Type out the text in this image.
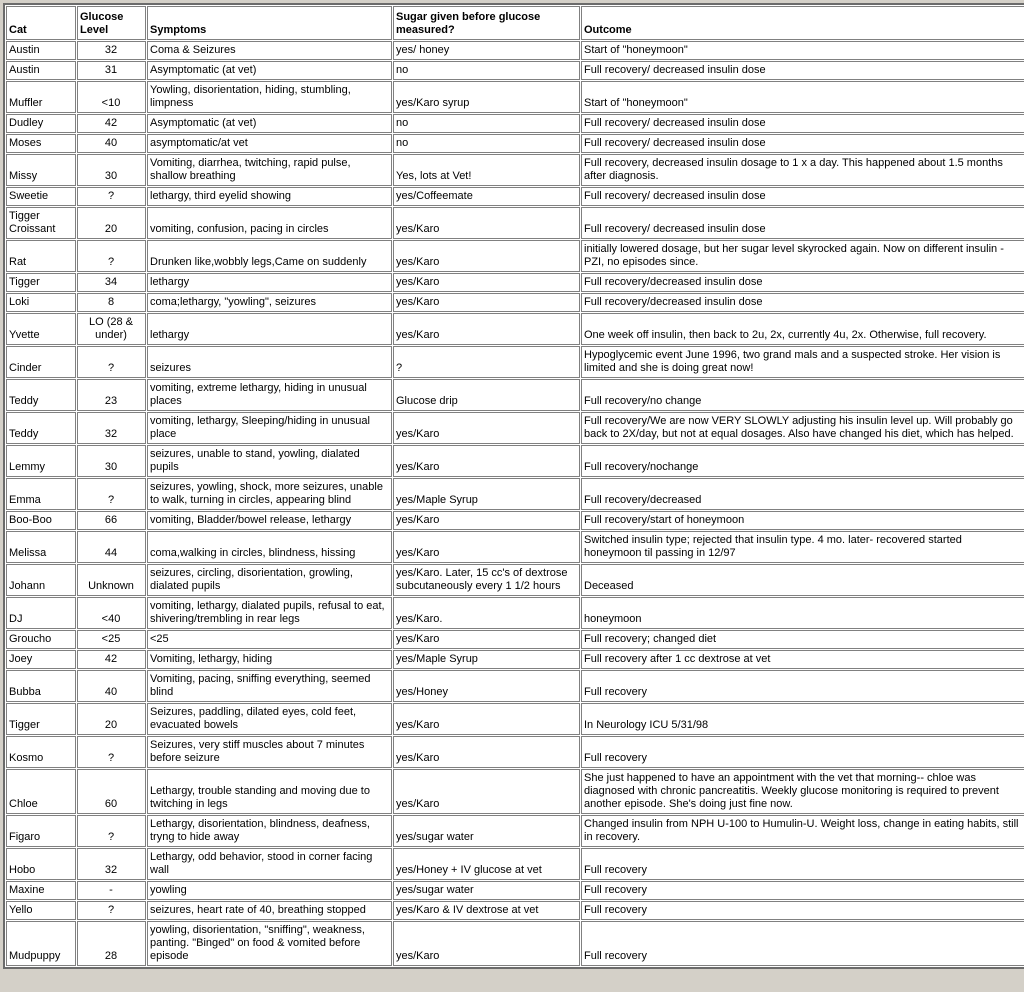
Cat	Glucose Level	Symptoms	Sugar given before glucose measured?	Outcome
Austin	32	Coma & Seizures	yes/ honey	Start of "honeymoon"
Austin	31	Asymptomatic (at vet)	no	Full recovery/ decreased insulin dose
Muffler	<10	Yowling, disorientation, hiding, stumbling, limpness	yes/Karo syrup	Start of "honeymoon"
Dudley	42	Asymptomatic (at vet)	no	Full recovery/ decreased insulin dose
Moses	40	asymptomatic/at vet	no	Full recovery/ decreased insulin dose
Missy	30	Vomiting, diarrhea, twitching, rapid pulse, shallow breathing	Yes, lots at Vet!	Full recovery, decreased insulin dosage to 1 x a day. This happened about 1.5 months after diagnosis.
Sweetie	?	lethargy, third eyelid showing	yes/Coffeemate	Full recovery/ decreased insulin dose
Tigger Croissant	20	vomiting, confusion, pacing in circles	yes/Karo	Full recovery/ decreased insulin dose
Rat	?	Drunken like,wobbly legs,Came on suddenly	yes/Karo	initially lowered dosage, but her sugar level skyrocked again. Now on different insulin - PZI, no episodes since.
Tigger	34	lethargy	yes/Karo	Full recovery/decreased insulin dose
Loki	8	coma;lethargy, "yowling", seizures	yes/Karo	Full recovery/decreased insulin dose
Yvette	LO (28 & under)	lethargy	yes/Karo	One week off insulin, then back to 2u, 2x, currently 4u, 2x. Otherwise, full recovery.
Cinder	?	seizures	?	Hypoglycemic event June 1996, two grand mals and a suspected stroke. Her vision is limited and she is doing great now!
Teddy	23	vomiting, extreme lethargy, hiding in unusual places	Glucose drip	Full recovery/no change
Teddy	32	vomiting, lethargy, Sleeping/hiding in unusual place	yes/Karo	Full recovery/We are now VERY SLOWLY adjusting his insulin level up. Will probably go back to 2X/day, but not at equal dosages. Also have changed his diet, which has helped.
Lemmy	30	seizures, unable to stand, yowling, dialated pupils	yes/Karo	Full recovery/nochange
Emma	?	seizures, yowling, shock, more seizures, unable to walk, turning in circles, appearing blind	yes/Maple Syrup	Full recovery/decreased
Boo-Boo	66	vomiting, Bladder/bowel release, lethargy	yes/Karo	Full recovery/start of honeymoon
Melissa	44	coma,walking in circles, blindness, hissing	yes/Karo	Switched insulin type; rejected that insulin type. 4 mo. later- recovered started honeymoon til passing in 12/97
Johann	Unknown	seizures, circling, disorientation, growling, dialated pupils	yes/Karo. Later, 15 cc's of dextrose subcutaneously every 1 1/2 hours	Deceased
DJ	<40	vomiting, lethargy, dialated pupils, refusal to eat, shivering/trembling in rear legs	yes/Karo.	honeymoon
Groucho	<25	<25	yes/Karo	Full recovery; changed diet
Joey	42	Vomiting, lethargy, hiding	yes/Maple Syrup	Full recovery after 1 cc dextrose at vet
Bubba	40	Vomiting, pacing, sniffing everything, seemed blind	yes/Honey	Full recovery
Tigger	20	Seizures, paddling, dilated eyes, cold feet, evacuated bowels	yes/Karo	In Neurology ICU 5/31/98
Kosmo	?	Seizures, very stiff muscles about 7 minutes before seizure	yes/Karo	Full recovery
Chloe	60	Lethargy, trouble standing and moving due to twitching in legs	yes/Karo	She just happened to have an appointment with the vet that morning-- chloe was diagnosed with chronic pancreatitis. Weekly glucose monitoring is required to prevent another episode. She's doing just fine now.
Figaro	?	Lethargy, disorientation, blindness, deafness, tryng to hide away	yes/sugar water	Changed insulin from NPH U-100 to Humulin-U. Weight loss, change in eating habits, still in recovery.
Hobo	32	Lethargy, odd behavior, stood in corner facing wall	yes/Honey + IV glucose at vet	Full recovery
Maxine	-	yowling	yes/sugar water	Full recovery
Yello	?	seizures, heart rate of 40, breathing stopped	yes/Karo & IV dextrose at vet	Full recovery
Mudpuppy	28	yowling, disorientation, "sniffing", weakness, panting. "Binged" on food & vomited before episode	yes/Karo	Full recovery
